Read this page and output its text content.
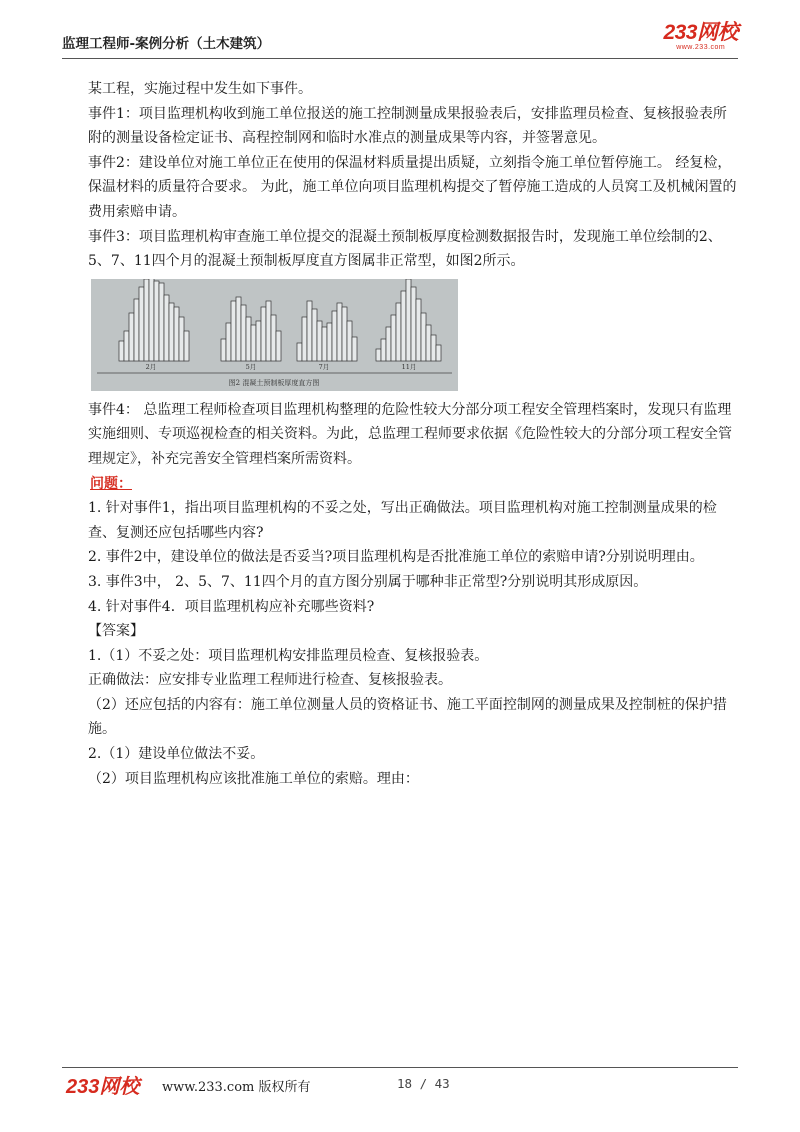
监理工程师-案例分析（土木建筑）	233网校
www.233.com

某工程，实施过程中发生如下事件。

事件1：项目监理机构收到施工单位报送的施工控制测量成果报验表后，安排监理员检查、复核报验表所附的测量设备检定证书、高程控制网和临时水准点的测量成果等内容，并签署意见。

事件2：建设单位对施工单位正在使用的保温材料质量提出质疑，立刻指令施工单位暂停施工。 经复检，保温材料的质量符合要求。 为此，施工单位向项目监理机构提交了暂停施工造成的人员窝工及机械闲置的费用索赔申请。

事件3：项目监理机构审查施工单位提交的混凝土预制板厚度检测数据报告时，发现施工单位绘制的2、5、7、11四个月的混凝土预制板厚度直方图属非正常型，如图2所示。

2月	5月	7月	11月
图2 混凝土预制板厚度直方图

事件4： 总监理工程师检查项目监理机构整理的危险性较大分部分项工程安全管理档案时，发现只有监理实施细则、专项巡视检查的相关资料。为此，总监理工程师要求依据《危险性较大的分部分项工程安全管理规定》，补充完善安全管理档案所需资料。

问题：

1. 针对事件1，指出项目监理机构的不妥之处，写出正确做法。项目监理机构对施工控制测量成果的检查、复测还应包括哪些内容?

2. 事件2中，建设单位的做法是否妥当?项目监理机构是否批准施工单位的索赔申请?分别说明理由。

3. 事件3中， 2、5、7、11四个月的直方图分别属于哪种非正常型?分别说明其形成原因。

4. 针对事件4．项目监理机构应补充哪些资料?

【答案】

1.（1）不妥之处：项目监理机构安排监理员检查、复核报验表。

正确做法：应安排专业监理工程师进行检查、复核报验表。

（2）还应包括的内容有：施工单位测量人员的资格证书、施工平面控制网的测量成果及控制桩的保护措施。

2.（1）建设单位做法不妥。

（2）项目监理机构应该批准施工单位的索赔。理由：

233网校 www.233.com 版权所有	18 / 43
